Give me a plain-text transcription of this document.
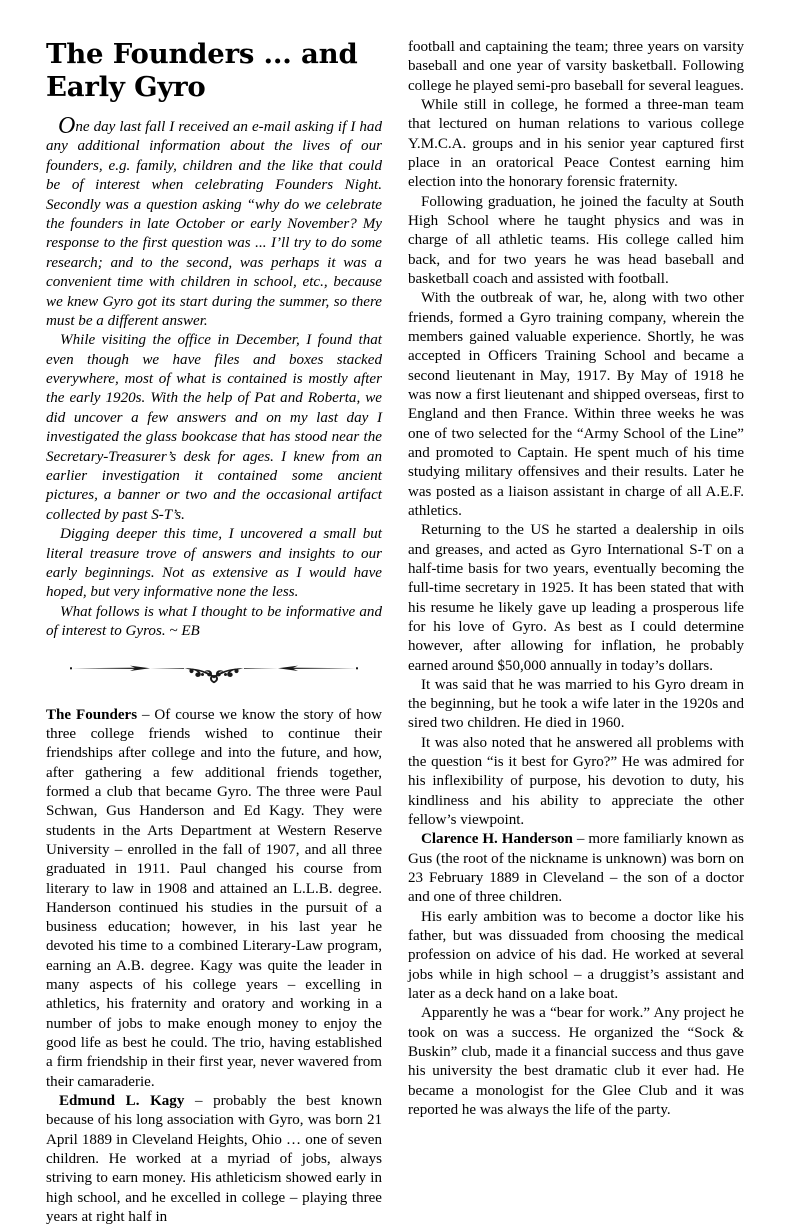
The Founders ... and
Early Gyro

One day last fall I received an e-mail asking if I had any additional information about the lives of our founders, e.g. family, children and the like that could be of interest when celebrating Founders Night. Secondly was a question asking “why do we celebrate the founders in late October or early November? My response to the first question was ... I’ll try to do some research; and to the second, was perhaps it was a convenient time with children in school, etc., because we knew Gyro got its start during the summer, so there must be a different answer.

While visiting the office in December, I found that even though we have files and boxes stacked everywhere, most of what is contained is mostly after the early 1920s. With the help of Pat and Roberta, we did uncover a few answers and on my last day I investigated the glass bookcase that has stood near the Secretary-Treasurer’s desk for ages. I knew from an earlier investigation it contained some ancient pictures, a banner or two and the occasional artifact collected by past S-T’s.

Digging deeper this time, I uncovered a small but literal treasure trove of answers and insights to our early beginnings. Not as extensive as I would have hoped, but very informative none the less.

What follows is what I thought to be informative and of interest to Gyros. ~ EB

The Founders – Of course we know the story of how three college friends wished to continue their friendships after college and into the future, and how, after gathering a few additional friends together, formed a club that became Gyro. The three were Paul Schwan, Gus Handerson and Ed Kagy. They were students in the Arts Department at Western Reserve University – enrolled in the fall of 1907, and all three graduated in 1911. Paul changed his course from literary to law in 1908 and attained an L.L.B. degree. Handerson continued his studies in the pursuit of a business education; however, in his last year he devoted his time to a combined Literary-Law program, earning an A.B. degree. Kagy was quite the leader in many aspects of his college years – excelling in athletics, his fraternity and oratory and working in a number of jobs to make enough money to enjoy the good life as best he could. The trio, having established a firm friendship in their first year, never wavered from their camaraderie.

Edmund L. Kagy – probably the best known because of his long association with Gyro, was born 21 April 1889 in Cleveland Heights, Ohio … one of seven children. He worked at a myriad of jobs, always striving to earn money. His athleticism showed early in high school, and he excelled in college – playing three years at right half in

football and captaining the team; three years on varsity baseball and one year of varsity basketball. Following college he played semi-pro baseball for several leagues.

While still in college, he formed a three-man team that lectured on human relations to various college Y.M.C.A. groups and in his senior year captured first place in an oratorical Peace Contest earning him election into the honorary forensic fraternity.

Following graduation, he joined the faculty at South High School where he taught physics and was in charge of all athletic teams. His college called him back, and for two years he was head baseball and basketball coach and assisted with football.

With the outbreak of war, he, along with two other friends, formed a Gyro training company, wherein the members gained valuable experience. Shortly, he was accepted in Officers Training School and became a second lieutenant in May, 1917. By May of 1918 he was now a first lieutenant and shipped overseas, first to England and then France. Within three weeks he was one of two selected for the “Army School of the Line” and promoted to Captain. He spent much of his time studying military offensives and their results. Later he was posted as a liaison assistant in charge of all A.E.F. athletics.

Returning to the US he started a dealership in oils and greases, and acted as Gyro International S-T on a half-time basis for two years, eventually becoming the full-time secretary in 1925. It has been stated that with his resume he likely gave up leading a prosperous life for his love of Gyro. As best as I could determine however, after allowing for inflation, he probably earned around $50,000 annually in today’s dollars.

It was said that he was married to his Gyro dream in the beginning, but he took a wife later in the 1920s and sired two children. He died in 1960.

It was also noted that he answered all problems with the question “is it best for Gyro?” He was admired for his inflexibility of purpose, his devotion to duty, his kindliness and his ability to appreciate the other fellow’s viewpoint.

Clarence H. Handerson – more familiarly known as Gus (the root of the nickname is unknown) was born on 23 February 1889 in Cleveland – the son of a doctor and one of three children.

His early ambition was to become a doctor like his father, but was dissuaded from choosing the medical profession on advice of his dad. He worked at several jobs while in high school – a druggist’s assistant and later as a deck hand on a lake boat.

Apparently he was a “bear for work.” Any project he took on was a success. He organized the “Sock & Buskin” club, made it a financial success and thus gave his university the best dramatic club it ever had. He became a monologist for the Glee Club and it was reported he was always the life of the party.
